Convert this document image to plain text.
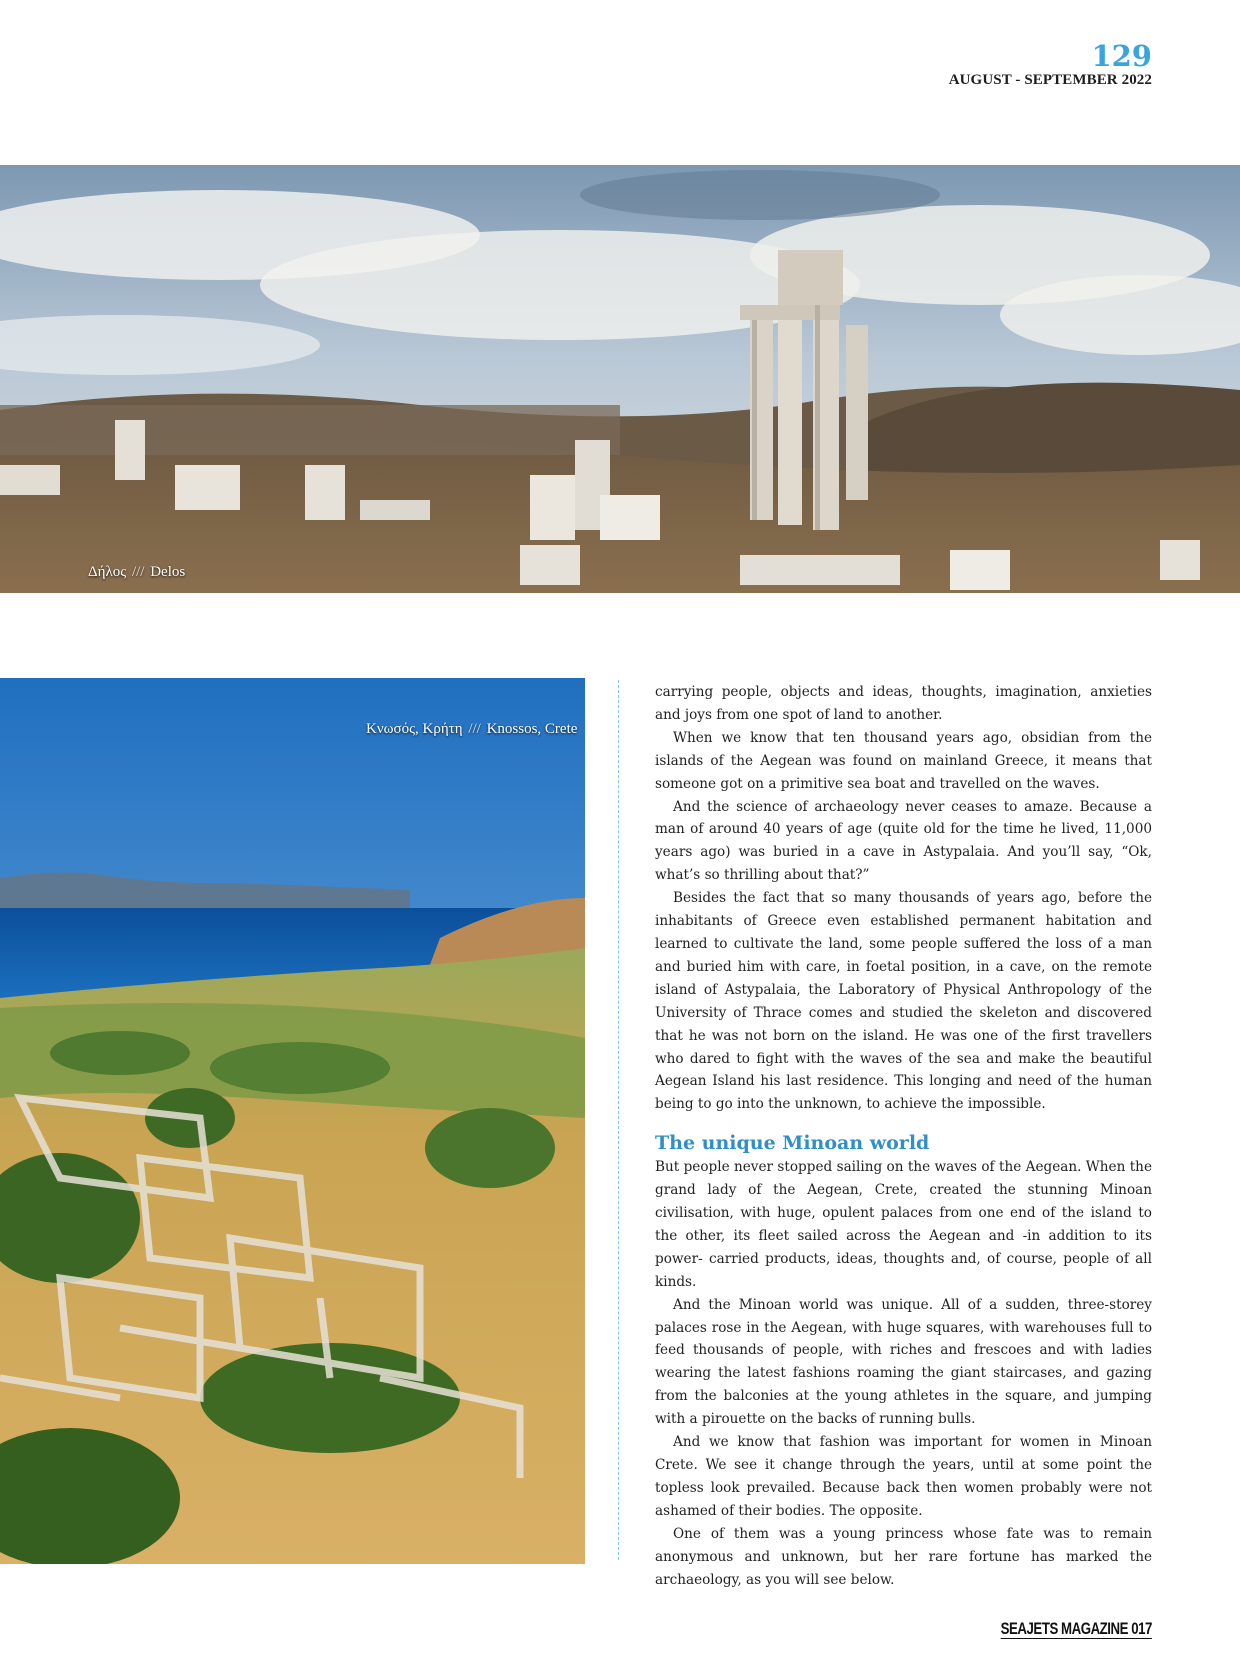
129
AUGUST - SEPTEMBER 2022
Δήλος /// Delos
Κνωσός, Κρήτη /// Knossos, Crete

carrying people, objects and ideas, thoughts, imagination, anxieties and joys from one spot of land to another.

When we know that ten thousand years ago, obsidian from the islands of the Aegean was found on mainland Greece, it means that someone got on a primitive sea boat and travelled on the waves.

And the science of archaeology never ceases to amaze. Because a man of around 40 years of age (quite old for the time he lived, 11,000 years ago) was buried in a cave in Astypalaia. And you’ll say, “Ok, what’s so thrilling about that?”

Besides the fact that so many thousands of years ago, before the inhabitants of Greece even established permanent habitation and learned to cultivate the land, some people suffered the loss of a man and buried him with care, in foetal position, in a cave, on the remote island of Astypalaia, the Laboratory of Physical Anthropology of the University of Thrace comes and studied the skeleton and discovered that he was not born on the island. He was one of the first travellers who dared to fight with the waves of the sea and make the beautiful Aegean Island his last residence. This longing and need of the human being to go into the unknown, to achieve the impossible.

The unique Minoan world

But people never stopped sailing on the waves of the Aegean. When the grand lady of the Aegean, Crete, created the stunning Minoan civilisation, with huge, opulent palaces from one end of the island to the other, its fleet sailed across the Aegean and -in addition to its power- carried products, ideas, thoughts and, of course, people of all kinds.

And the Minoan world was unique. All of a sudden, three-storey palaces rose in the Aegean, with huge squares, with warehouses full to feed thousands of people, with riches and frescoes and with ladies wearing the latest fashions roaming the giant staircases, and gazing from the balconies at the young athletes in the square, and jumping with a pirouette on the backs of running bulls.

And we know that fashion was important for women in Minoan Crete. We see it change through the years, until at some point the topless look prevailed. Because back then women probably were not ashamed of their bodies. The opposite.

One of them was a young princess whose fate was to remain anonymous and unknown, but her rare fortune has marked the archaeology, as you will see below.

SEAJETS MAGAZINE 017
